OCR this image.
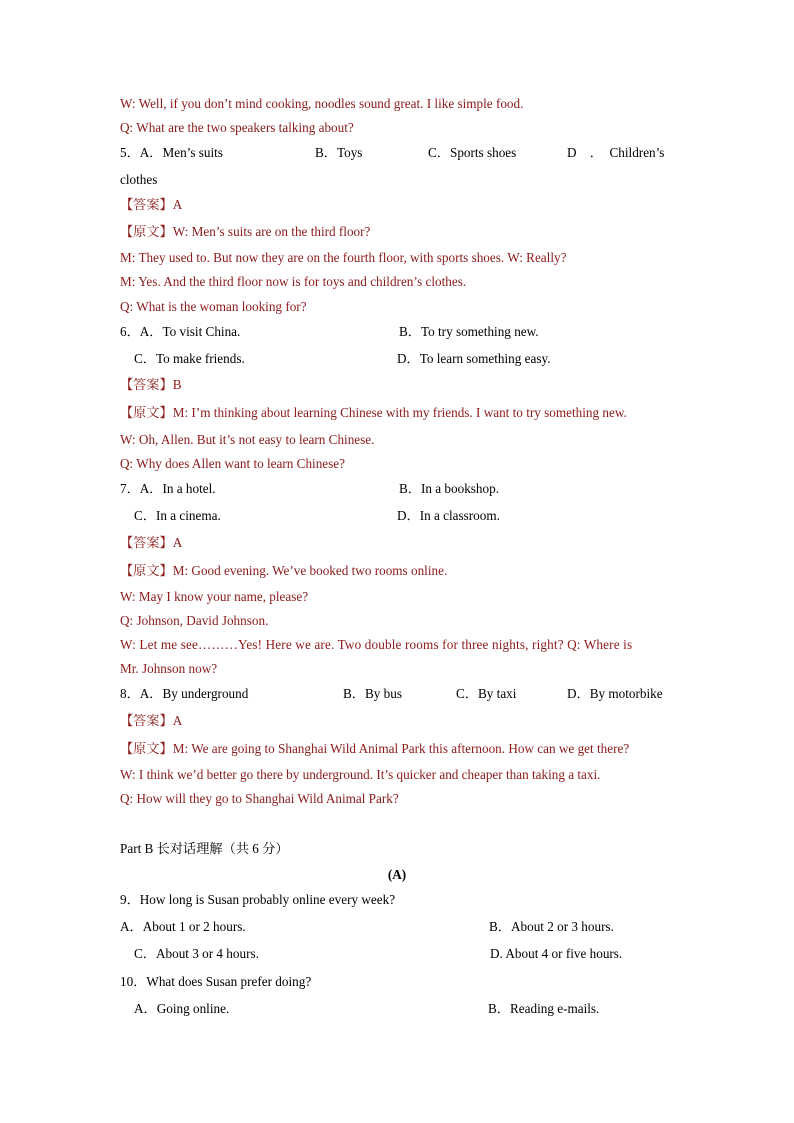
W: Well, if you don’t mind cooking, noodles sound great. I like simple food.
Q: What are the two speakers talking about?
5．A．Men’s suits	B．Toys	C．Sports shoes	D　．　Children’s
clothes
【答案】A
【原文】W: Men’s suits are on the third floor?
M: They used to. But now they are on the fourth floor, with sports shoes. W: Really?
M: Yes. And the third floor now is for toys and children’s clothes.
Q: What is the woman looking for?
6．A．To visit China.	B．To try something new.
C．To make friends.	D．To learn something easy.
【答案】B
【原文】M: I’m thinking about learning Chinese with my friends. I want to try something new.
W: Oh, Allen. But it’s not easy to learn Chinese.
Q: Why does Allen want to learn Chinese?
7．A．In a hotel.	B．In a bookshop.
C．In a cinema.	D．In a classroom.
【答案】A
【原文】M: Good evening. We’ve booked two rooms online.
W: May I know your name, please?
Q: Johnson, David Johnson.
W: Let me see………Yes! Here we are. Two double rooms for three nights, right? Q: Where is
Mr. Johnson now?
8．A．By underground	B．By bus	C．By taxi	D．By motorbike
【答案】A
【原文】M: We are going to Shanghai Wild Animal Park this afternoon. How can we get there?
W: I think we’d better go there by underground. It’s quicker and cheaper than taking a taxi.
Q: How will they go to Shanghai Wild Animal Park?
Part B 长对话理解（共 6 分）
(A)
9．How long is Susan probably online every week?
A．About 1 or 2 hours.	B．About 2 or 3 hours.
C．About 3 or 4 hours.	D. About 4 or five hours.
10．What does Susan prefer doing?
A．Going online.	B．Reading e-mails.
